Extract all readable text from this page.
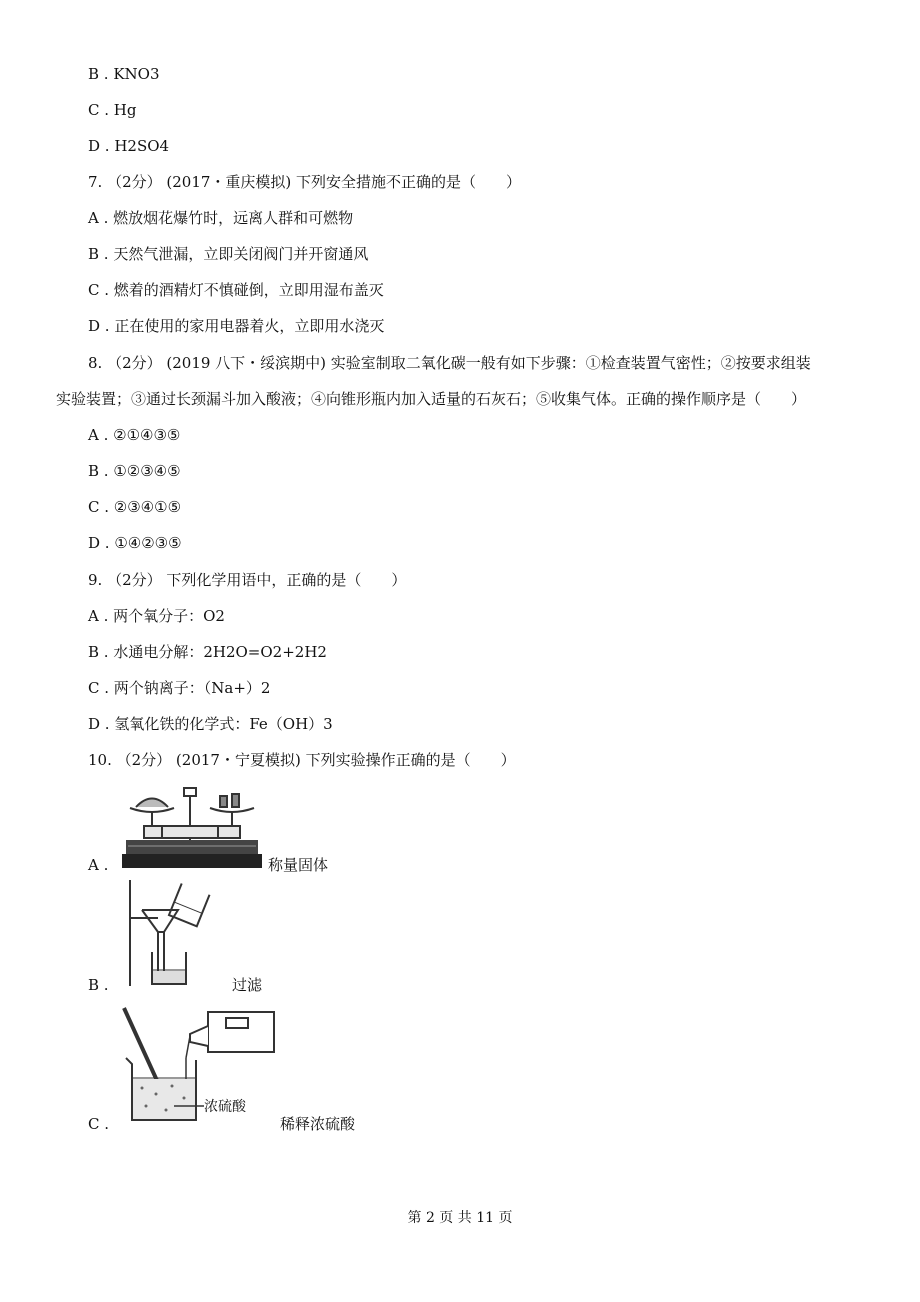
B . KNO3
C . Hg
D . H2SO4
7. （2分） (2017・重庆模拟) 下列安全措施不正确的是（　　）
A . 燃放烟花爆竹时，远离人群和可燃物
B . 天然气泄漏，立即关闭阀门并开窗通风
C . 燃着的酒精灯不慎碰倒，立即用湿布盖灭
D . 正在使用的家用电器着火，立即用水浇灭
8. （2分） (2019 八下・绥滨期中) 实验室制取二氧化碳一般有如下步骤：①检查装置气密性；②按要求组装
实验装置；③通过长颈漏斗加入酸液；④向锥形瓶内加入适量的石灰石；⑤收集气体。正确的操作顺序是（　　）
A . ②①④③⑤
B . ①②③④⑤
C . ②③④①⑤
D . ①④②③⑤
9. （2分） 下列化学用语中，正确的是（　　）
A . 两个氧分子：O2
B . 水通电分解：2H2O=O2+2H2
C . 两个钠离子：（Na+）2
D . 氢氧化铁的化学式：Fe（OH）3
10. （2分） (2017・宁夏模拟) 下列实验操作正确的是（　　）
A .	称量固体
B .	过滤
浓硫酸
C .	稀释浓硫酸
第 2 页 共 11 页
